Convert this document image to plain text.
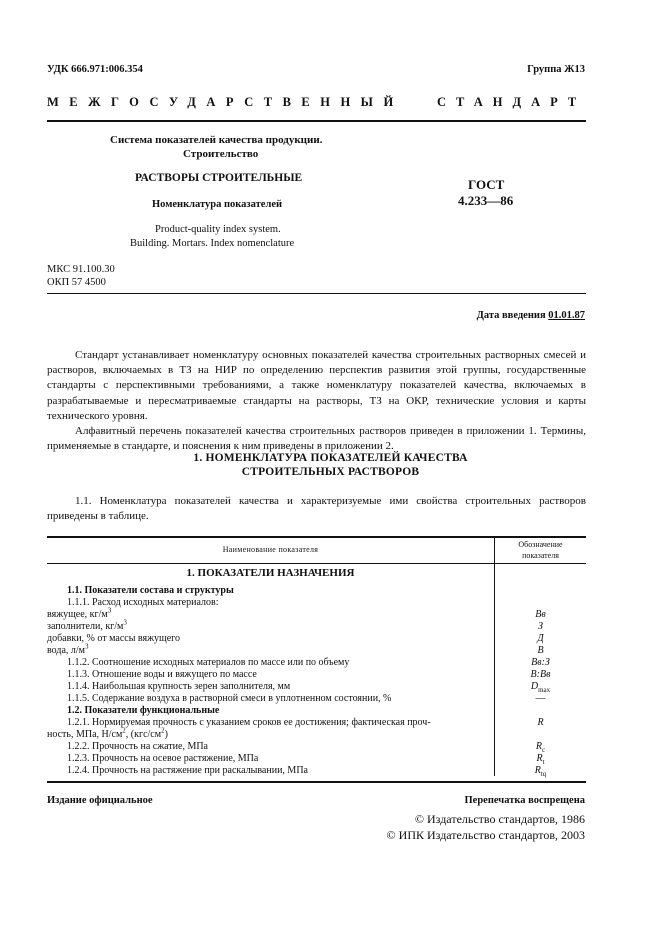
УДК 666.971:006.354	Группа Ж13
МЕЖГОСУДАРСТВЕННЫЙ	СТАНДАРТ
Система показателей качества продукции.
Строительство
РАСТВОРЫ СТРОИТЕЛЬНЫЕ
Номенклатура показателей
Product-quality index system.
Building. Mortars. Index nomenclature
ГОСТ
4.233—86
МКС 91.100.30
ОКП 57 4500
Дата введения 01.01.87

Стандарт устанавливает номенклатуру основных показателей качества строительных растворных смесей и растворов, включаемых в ТЗ на НИР по определению перспектив развития этой группы, государственные стандарты с перспективными требованиями, а также номенклатуру показателей качества, включаемых в разрабатываемые и пересматриваемые стандарты на растворы, ТЗ на ОКР, технические условия и карты технического уровня.

Алфавитный перечень показателей качества строительных растворов приведен в приложении 1. Термины, применяемые в стандарте, и пояснения к ним приведены в приложении 2.

1. НОМЕНКЛАТУРА ПОКАЗАТЕЛЕЙ КАЧЕСТВА
СТРОИТЕЛЬНЫХ РАСТВОРОВ

1.1. Номенклатура показателей качества и характеризуемые ими свойства строительных растворов приведены в таблице.

Наименование показателя
Обозначение
показателя
1. ПОКАЗАТЕЛИ НАЗНАЧЕНИЯ
1.1. Показатели состава и структуры
1.1.1. Расход исходных материалов:
вяжущее, $кг/м^3$	Вв
заполнители, $кг/м^3$	З
добавки, % от массы вяжущего	Д
вода, $л/м^3$	В
1.1.2. Соотношение исходных материалов по массе или по объему	Вв:З
1.1.3. Отношение воды и вяжущего по массе	В:Вв
1.1.4. Наибольшая крупность зерен заполнителя, мм	$D_{max}$
1.1.5. Содержание воздуха в растворной смеси в уплотненном состоянии, %	—
1.2. Показатели функциональные
1.2.1. Нормируемая прочность с указанием сроков ее достижения; фактическая проч-	R
ность, МПа, $Н/см^2$, $(кгс/см^2)$
1.2.2. Прочность на сжатие, МПа	$R_c$
1.2.3. Прочность на осевое растяжение, МПа	$R_t$
1.2.4. Прочность на растяжение при раскалывании, МПа	$R_{tq}$
Издание официальное	Перепечатка воспрещена
© Издательство стандартов, 1986
© ИПК Издательство стандартов, 2003
